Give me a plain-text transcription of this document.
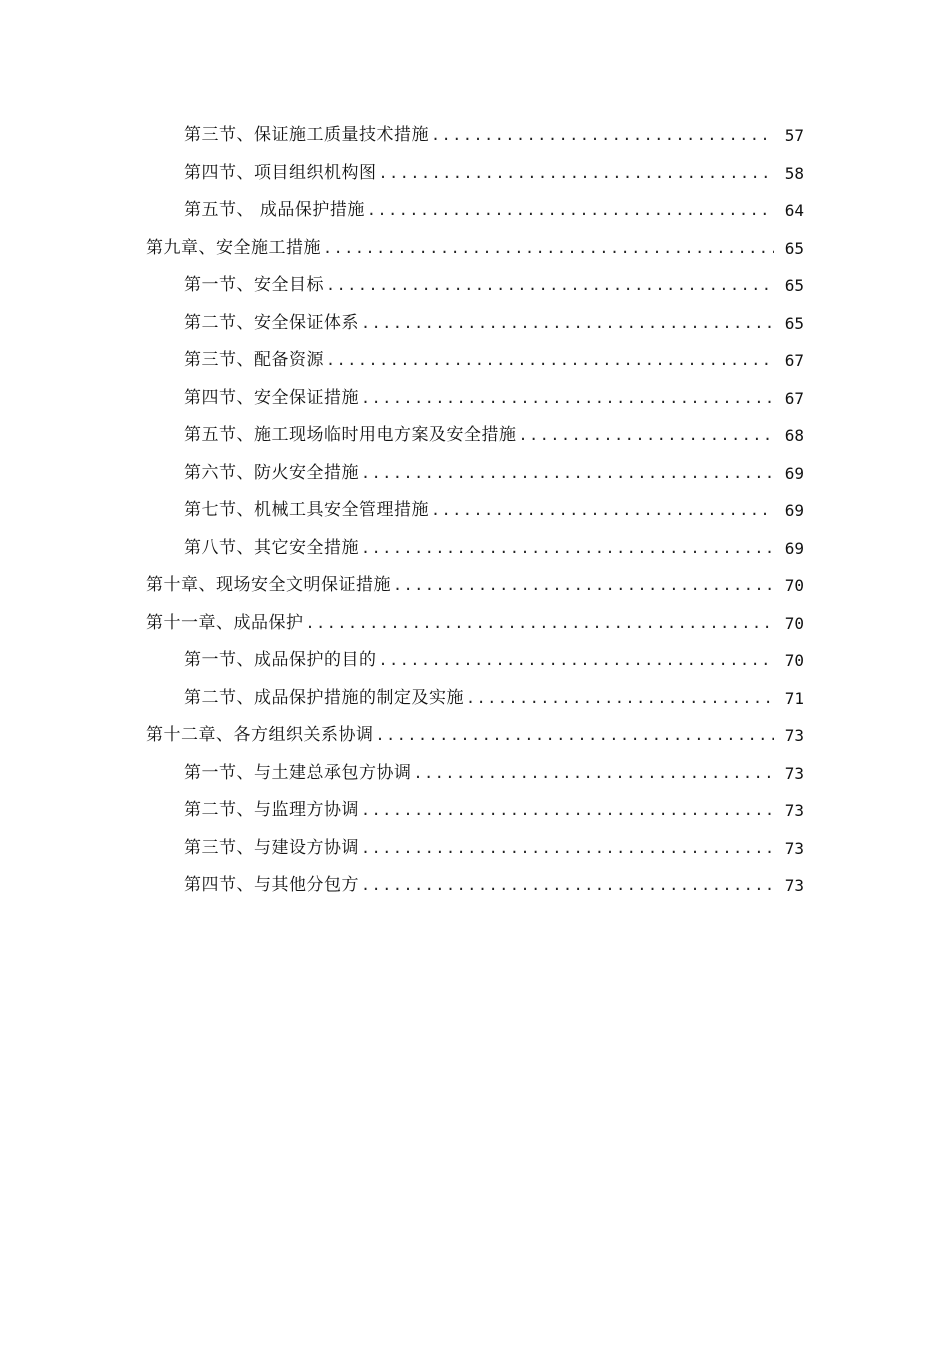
第三节、保证施工质量技术措施 .....	57
第四节、项目组织机构图 .....	58
第五节、 成品保护措施 .....	64
第九章、安全施工措施 .....	65
第一节、安全目标 .....	65
第二节、安全保证体系 .....	65
第三节、配备资源 .....	67
第四节、安全保证措施 .....	67
第五节、施工现场临时用电方案及安全措施 .....	68
第六节、防火安全措施 .....	69
第七节、机械工具安全管理措施 .....	69
第八节、其它安全措施 .....	69
第十章、现场安全文明保证措施 .....	70
第十一章、成品保护 .....	70
第一节、成品保护的目的 .....	70
第二节、成品保护措施的制定及实施 .....	71
第十二章、各方组织关系协调 .....	73
第一节、与土建总承包方协调 .....	73
第二节、与监理方协调 .....	73
第三节、与建设方协调 .....	73
第四节、与其他分包方 .....	73
